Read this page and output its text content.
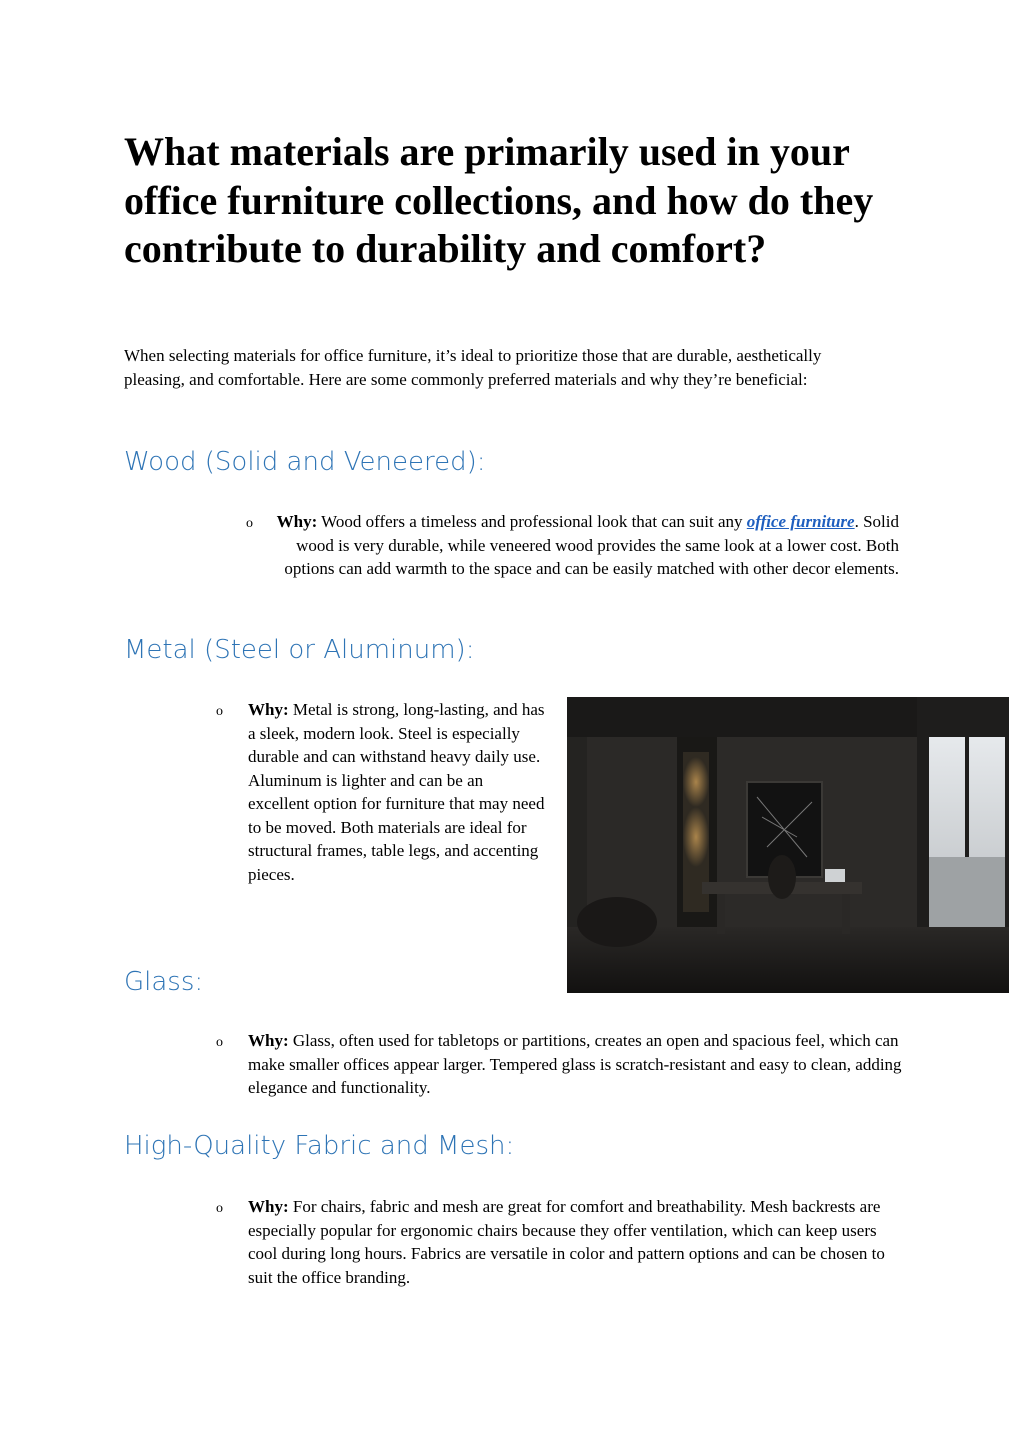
What materials are primarily used in your office furniture collections, and how do they contribute to durability and comfort?

When selecting materials for office furniture, it’s ideal to prioritize those that are durable, aesthetically pleasing, and comfortable. Here are some commonly preferred materials and why they’re beneficial:

Wood (Solid and Veneered):
o	Why: Wood offers a timeless and professional look that can suit any office furniture. Solid wood is very durable, while veneered wood provides the same look at a lower cost. Both options can add warmth to the space and can be easily matched with other decor elements.

Metal (Steel or Aluminum):
o Why: Metal is strong, long-lasting, and has a sleek, modern look. Steel is especially durable and can withstand heavy daily use. Aluminum is lighter and can be an excellent option for furniture that may need to be moved. Both materials are ideal for structural frames, table legs, and accenting pieces.

Glass:
o Why: Glass, often used for tabletops or partitions, creates an open and spacious feel, which can make smaller offices appear larger. Tempered glass is scratch-resistant and easy to clean, adding elegance and functionality.

High-Quality Fabric and Mesh:
o Why: For chairs, fabric and mesh are great for comfort and breathability. Mesh backrests are especially popular for ergonomic chairs because they offer ventilation, which can keep users cool during long hours. Fabrics are versatile in color and pattern options and can be chosen to suit the office branding.
